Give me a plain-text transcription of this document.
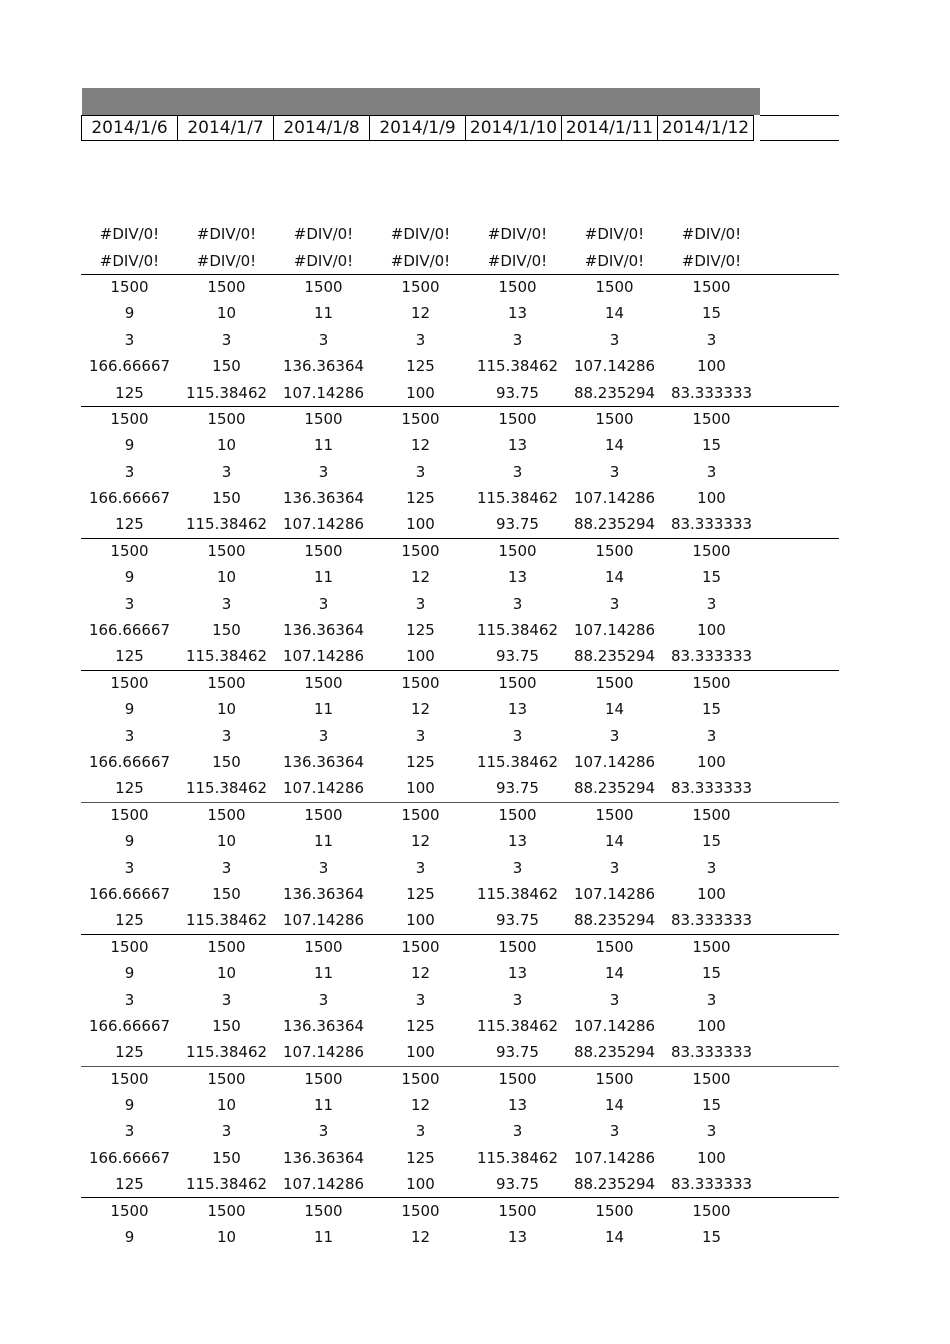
2014/1/6	2014/1/7	2014/1/8	2014/1/9 2014/1/10 2014/1/11 2014/1/12
#DIV/0!	#DIV/0!	#DIV/0!	#DIV/0!	#DIV/0!	#DIV/0!	#DIV/0!
#DIV/0!	#DIV/0!	#DIV/0!	#DIV/0!	#DIV/0!	#DIV/0!	#DIV/0!
1500	1500	1500	1500	1500	1500	1500
9	10	11	12	13	14	15
3	3	3	3	3	3	3
166.66667	150	136.36364	125	115.38462	107.14286	100
125	115.38462	107.14286	100	93.75	88.235294	83.333333
1500	1500	1500	1500	1500	1500	1500
9	10	11	12	13	14	15
3	3	3	3	3	3	3
166.66667	150	136.36364	125	115.38462	107.14286	100
125	115.38462	107.14286	100	93.75	88.235294	83.333333
1500	1500	1500	1500	1500	1500	1500
9	10	11	12	13	14	15
3	3	3	3	3	3	3
166.66667	150	136.36364	125	115.38462	107.14286	100
125	115.38462	107.14286	100	93.75	88.235294	83.333333
1500	1500	1500	1500	1500	1500	1500
9	10	11	12	13	14	15
3	3	3	3	3	3	3
166.66667	150	136.36364	125	115.38462	107.14286	100
125	115.38462	107.14286	100	93.75	88.235294	83.333333
1500	1500	1500	1500	1500	1500	1500
9	10	11	12	13	14	15
3	3	3	3	3	3	3
166.66667	150	136.36364	125	115.38462	107.14286	100
125	115.38462	107.14286	100	93.75	88.235294	83.333333
1500	1500	1500	1500	1500	1500	1500
9	10	11	12	13	14	15
3	3	3	3	3	3	3
166.66667	150	136.36364	125	115.38462	107.14286	100
125	115.38462	107.14286	100	93.75	88.235294	83.333333
1500	1500	1500	1500	1500	1500	1500
9	10	11	12	13	14	15
3	3	3	3	3	3	3
166.66667	150	136.36364	125	115.38462	107.14286	100
125	115.38462	107.14286	100	93.75	88.235294	83.333333
1500	1500	1500	1500	1500	1500	1500
9	10	11	12	13	14	15
